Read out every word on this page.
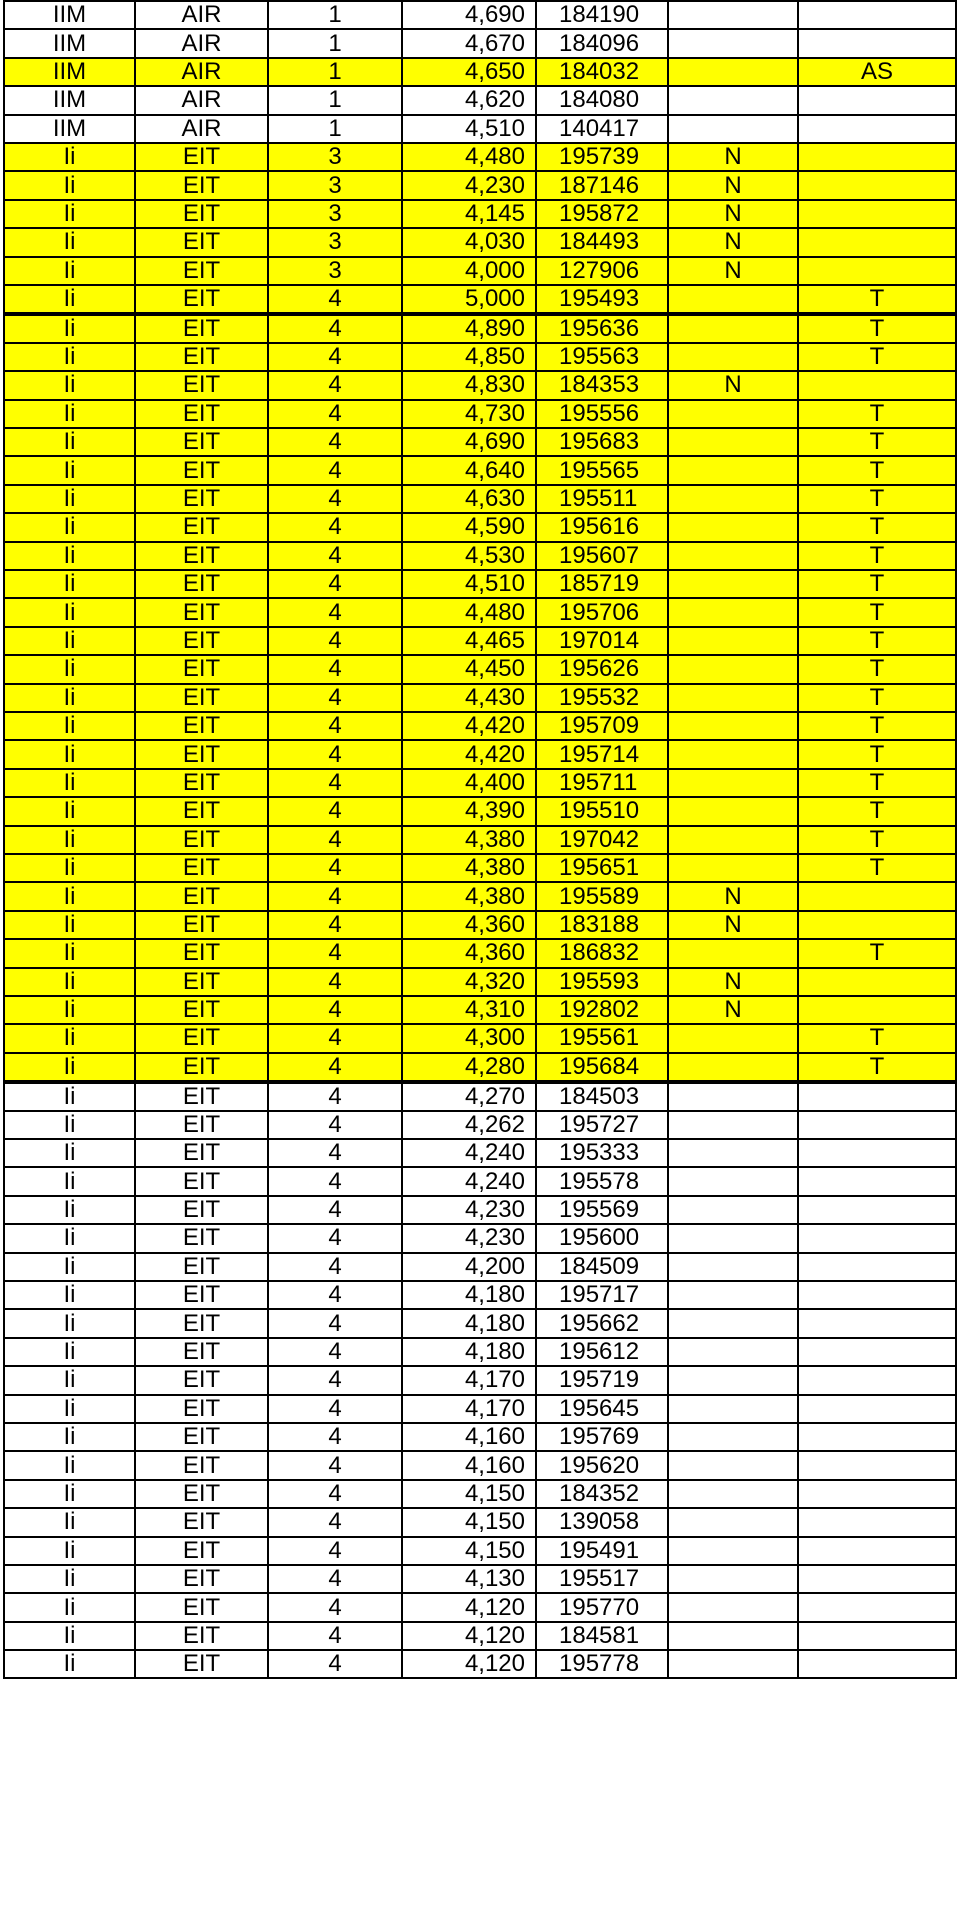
IIM	AIR	1	4,690	184190		
IIM	AIR	1	4,670	184096		
IIM	AIR	1	4,650	184032		AS
IIM	AIR	1	4,620	184080		
IIM	AIR	1	4,510	140417		
Ii	EIT	3	4,480	195739	N	
Ii	EIT	3	4,230	187146	N	
Ii	EIT	3	4,145	195872	N	
Ii	EIT	3	4,030	184493	N	
Ii	EIT	3	4,000	127906	N	
Ii	EIT	4	5,000	195493		T
Ii	EIT	4	4,890	195636		T
Ii	EIT	4	4,850	195563		T
Ii	EIT	4	4,830	184353	N	
Ii	EIT	4	4,730	195556		T
Ii	EIT	4	4,690	195683		T
Ii	EIT	4	4,640	195565		T
Ii	EIT	4	4,630	195511		T
Ii	EIT	4	4,590	195616		T
Ii	EIT	4	4,530	195607		T
Ii	EIT	4	4,510	185719		T
Ii	EIT	4	4,480	195706		T
Ii	EIT	4	4,465	197014		T
Ii	EIT	4	4,450	195626		T
Ii	EIT	4	4,430	195532		T
Ii	EIT	4	4,420	195709		T
Ii	EIT	4	4,420	195714		T
Ii	EIT	4	4,400	195711		T
Ii	EIT	4	4,390	195510		T
Ii	EIT	4	4,380	197042		T
Ii	EIT	4	4,380	195651		T
Ii	EIT	4	4,380	195589	N	
Ii	EIT	4	4,360	183188	N	
Ii	EIT	4	4,360	186832		T
Ii	EIT	4	4,320	195593	N	
Ii	EIT	4	4,310	192802	N	
Ii	EIT	4	4,300	195561		T
Ii	EIT	4	4,280	195684		T
Ii	EIT	4	4,270	184503		
Ii	EIT	4	4,262	195727		
Ii	EIT	4	4,240	195333		
Ii	EIT	4	4,240	195578		
Ii	EIT	4	4,230	195569		
Ii	EIT	4	4,230	195600		
Ii	EIT	4	4,200	184509		
Ii	EIT	4	4,180	195717		
Ii	EIT	4	4,180	195662		
Ii	EIT	4	4,180	195612		
Ii	EIT	4	4,170	195719		
Ii	EIT	4	4,170	195645		
Ii	EIT	4	4,160	195769		
Ii	EIT	4	4,160	195620		
Ii	EIT	4	4,150	184352		
Ii	EIT	4	4,150	139058		
Ii	EIT	4	4,150	195491		
Ii	EIT	4	4,130	195517		
Ii	EIT	4	4,120	195770		
Ii	EIT	4	4,120	184581		
Ii	EIT	4	4,120	195778		
